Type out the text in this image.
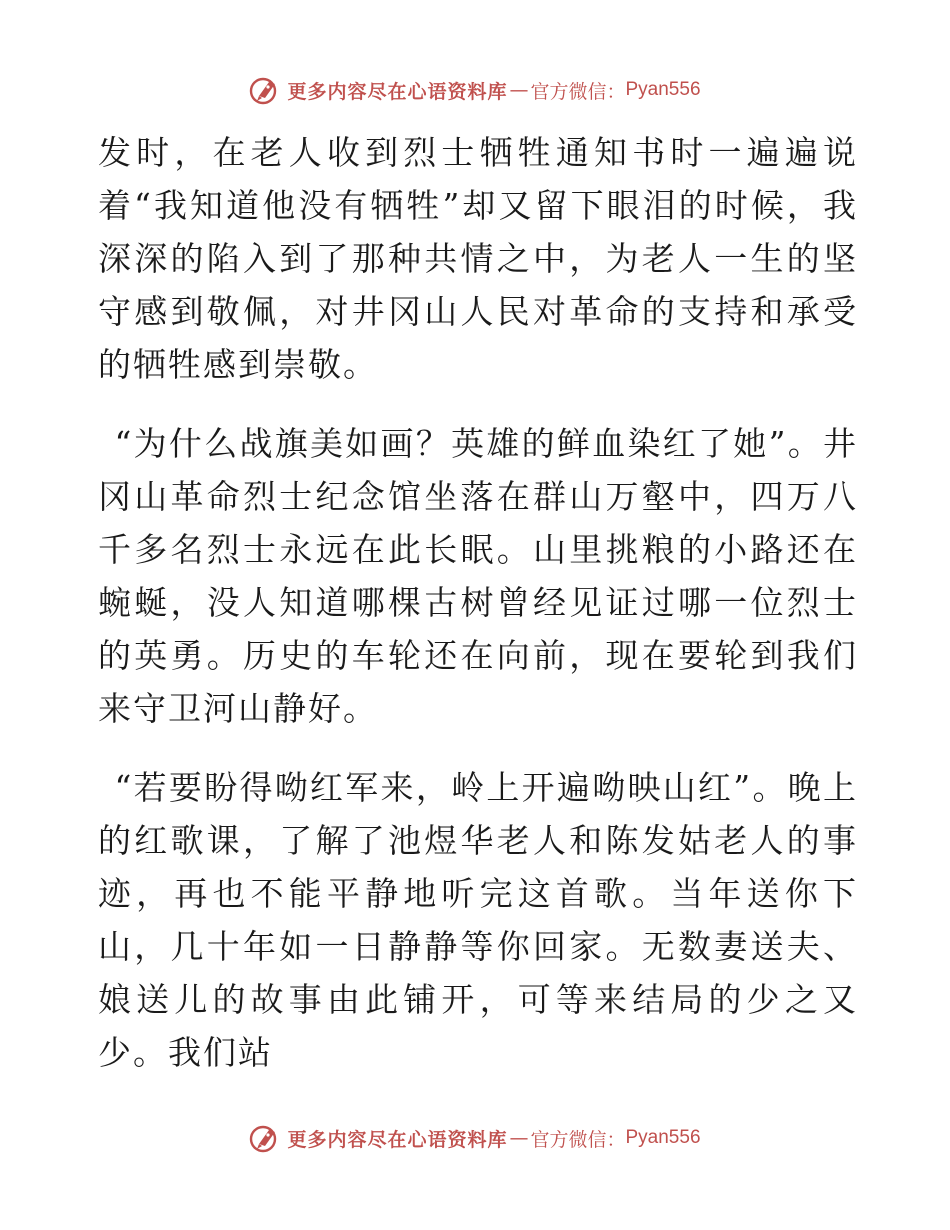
更多内容尽在心语资料库 — 官方微信： Pyan556

发时，在老人收到烈士牺牲通知书时一遍遍说着“我知道他没有牺牲”却又留下眼泪的时候，我深深的陷入到了那种共情之中，为老人一生的坚守感到敬佩，对井冈山人民对革命的支持和承受的牺牲感到崇敬。

“为什么战旗美如画？英雄的鲜血染红了她”。井冈山革命烈士纪念馆坐落在群山万壑中，四万八千多名烈士永远在此长眠。山里挑粮的小路还在蜿蜒，没人知道哪棵古树曾经见证过哪一位烈士的英勇。历史的车轮还在向前，现在要轮到我们来守卫河山静好。

“若要盼得呦红军来，岭上开遍呦映山红”。晚上的红歌课，了解了池煜华老人和陈发姑老人的事迹，再也不能平静地听完这首歌。当年送你下山，几十年如一日静静等你回家。无数妻送夫、娘送儿的故事由此铺开，可等来结局的少之又少。我们站

更多内容尽在心语资料库 — 官方微信： Pyan556
